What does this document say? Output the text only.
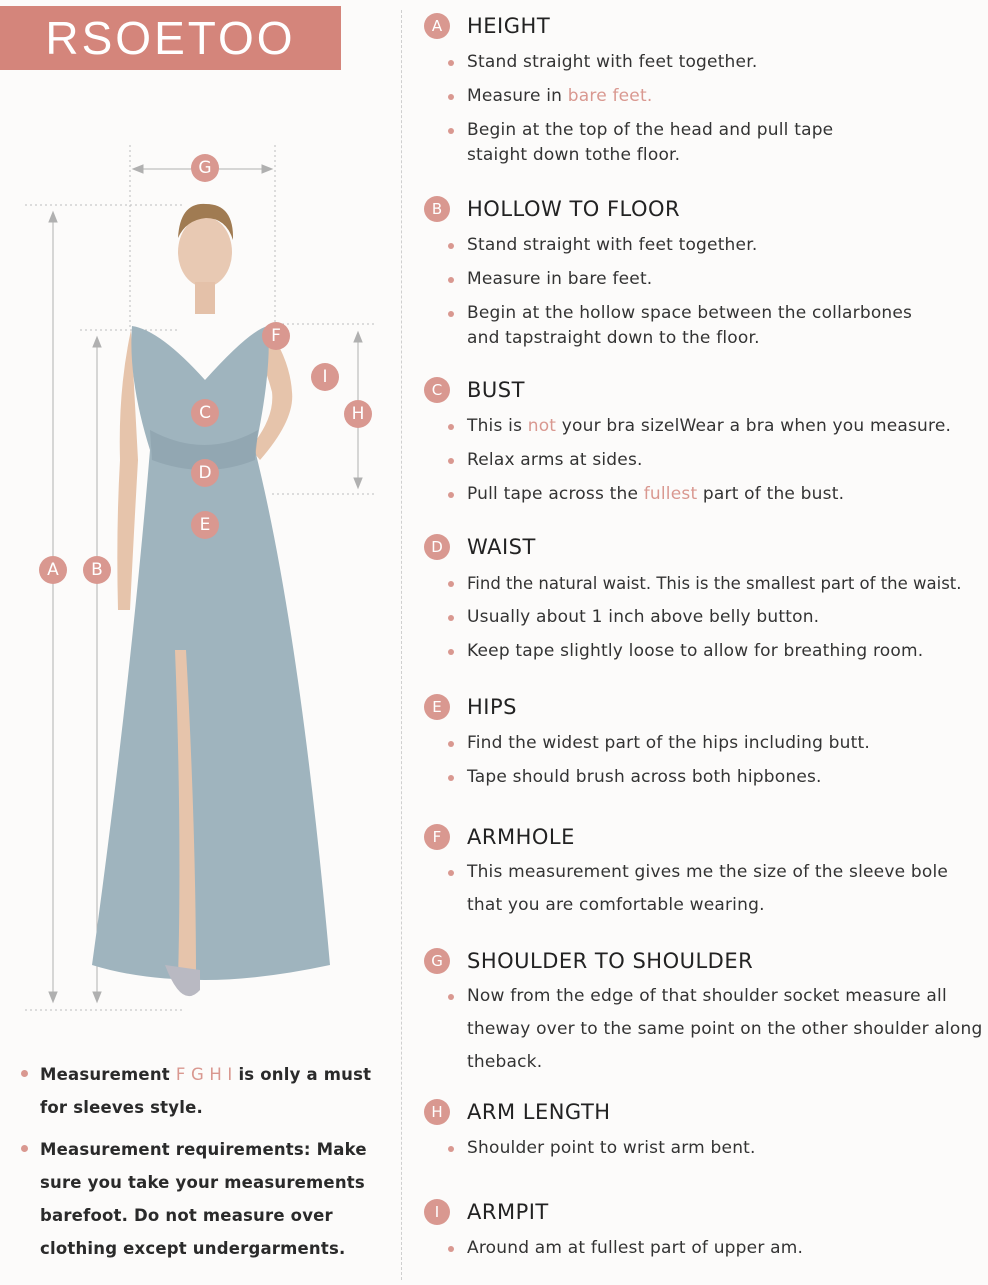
RSOETOO
G
F
I
H
C
D
E
A	B
Measurement F G H I is only a must for sleeves style.
Measurement requirements: Make sure you take your measurements barefoot. Do not measure over clothing except undergarments.
A	HEIGHT
Stand straight with feet together.
Measure in bare feet.
Begin at the top of the head and pull tape staight down tothe floor.
B	HOLLOW TO FLOOR
Stand straight with feet together.
Measure in bare feet.
Begin at the hollow space between the collarbones and tapstraight down to the floor.
C	BUST
This is not your bra sizelWear a bra when you measure.
Relax arms at sides.
Pull tape across the fullest part of the bust.
D	WAIST
Find the natural waist. This is the smallest part of the waist.
Usually about 1 inch above belly button.
Keep tape slightly loose to allow for breathing room.
E	HIPS
Find the widest part of the hips including butt.
Tape should brush across both hipbones.
F	ARMHOLE
This measurement gives me the size of the sleeve bole that you are comfortable wearing.
G	SHOULDER TO SHOULDER
Now from the edge of that shoulder socket measure all theway over to the same point on the other shoulder along theback.
H	ARM LENGTH
Shoulder point to wrist arm bent.
I	ARMPIT
Around am at fullest part of upper am.
